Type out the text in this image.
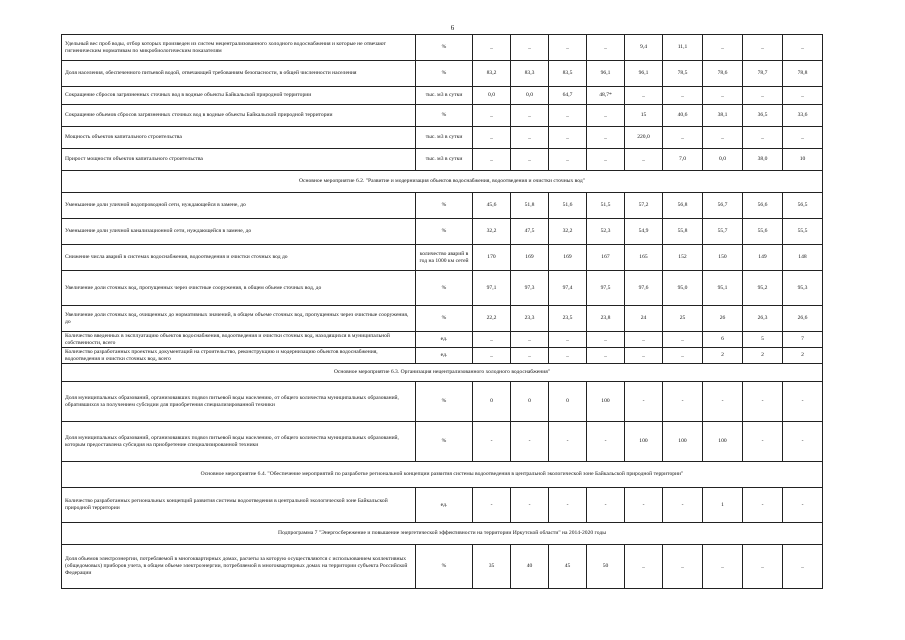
6
Удельный вес проб воды, отбор которых произведен из систем нецентрализованного холодного водоснабжения и которые не отвечают гигиеническим нормативам по микробиологическим показателям	%	_	_	_	_	9,4	11,1	_	_	_
Доля населения, обеспеченного питьевой водой, отвечающей требованиям безопасности, в общей численности населения	%	83,2	83,3	83,5	96,1	96,1	78,5	78,6	78,7	78,8
Сокращение сбросов загрязненных сточных вод в водные объекты Байкальской природной территории	тыс. м3 в сутки	0,0	0,0	64,7	48,7*	_	_	_	_	_
Сокращение объемов сбросов загрязненных сточных вод в водные объекты Байкальской природной территории	%	_	_	_	_	15	40,6	38,1	36,5	33,6
Мощность объектов капитального строительства	тыс. м3 в сутки	_	_	_	_	220,0	_	_	_	_
Прирост мощности объектов капитального строительства	тыс. м3 в сутки	_	_	_	_	_	7,0	0,0	38,0	10
Основное мероприятие 6.2. "Развитие и модернизация объектов водоснабжения, водоотведения и очистки сточных вод"										
Уменьшение доли уличной водопроводной сети, нуждающейся в замене, до	%	45,6	51,8	51,6	51,5	57,2	56,8	56,7	56,6	56,5
Уменьшение доли уличной канализационной сети, нуждающейся в замене, до	%	32,2	47,5	32,2	52,3	54,9	55,8	55,7	55,6	55,5
Снижение числа аварий в системах водоснабжения, водоотведения и очистки сточных вод до	количество аварий в год на 1000 км сетей	170	169	169	167	165	152	150	149	148
Увеличение доли сточных вод, пропущенных через очистные сооружения, в общем объеме сточных вод, до	%	97,1	97,3	97,4	97,5	97,6	95,0	95,1	95,2	95,3
Увеличение доли сточных вод, очищенных до нормативных значений, в общем объеме сточных вод, пропущенных через очистные сооружения, до	%	22,2	23,3	23,5	23,8	24	25	26	26,3	26,6
Количество введенных в эксплуатацию объектов водоснабжения, водоотведения и очистки сточных вод, находящихся в муниципальной собственности, всего	ед.	_	_	_	_	_	_	6	5	7
Количество разработанных проектных документаций на строительство, реконструкцию и модернизацию объектов водоснабжения, водоотведения и очистки сточных вод, всего	ед.	_	_	_	_	_	_	2	2	2
Основное мероприятие 6.3. Организация нецентрализованного холодного водоснабжения"										
Доля муниципальных образований, организовавших подвоз питьевой воды населению, от общего количества муниципальных образований, обратившихся за получением субсидии для приобретения специализированной техники	%	0	0	0	100	-	-	-	-	-
Доля муниципальных образований, организовавших подвоз питьевой воды населению, от общего количества муниципальных образований, которым предоставлена субсидия на приобретение специализированной техники	%	-	-	-	-	100	100	100	-	-
Основное мероприятие 6.4. "Обеспечение мероприятий по разработке региональной концепции развития системы водоотведения в центральной экологической зоне Байкальской природной территории"										
Количество разработанных региональных концепций развития системы водоотведения в центральной экологической зоне Байкальской природной территории	ед.	-	-	-	-	-	-	1	-	-
Подпрограмма 7 "Энергосбережение и повышение энергетической эффективности на территории Иркутской области" на 2014-2020 годы										
Доля объемов электроэнергии, потребляемой в многоквартирных домах, расчеты за которую осуществляются с использованием коллективных (общедомовых) приборов учета, в общем объеме электроэнергии, потребляемой в многоквартирных домах на территории субъекта Российской Федерации	%	35	40	45	50	_	_	_	_	_
